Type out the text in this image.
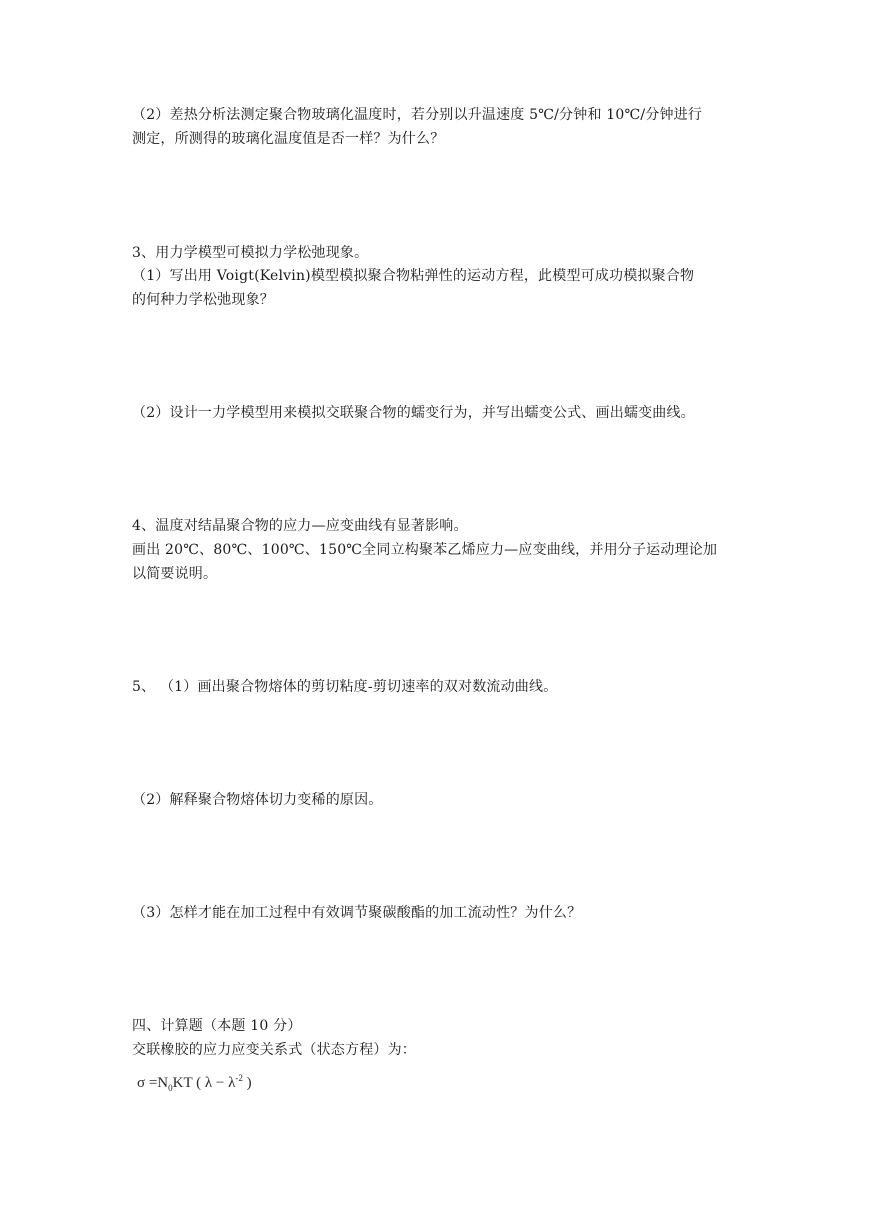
（2）差热分析法测定聚合物玻璃化温度时，若分别以升温速度 5℃/分钟和 10℃/分钟进行
测定，所测得的玻璃化温度值是否一样？为什么？
3、用力学模型可模拟力学松弛现象。
（1）写出用 Voigt(Kelvin)模型模拟聚合物粘弹性的运动方程，此模型可成功模拟聚合物
的何种力学松弛现象？
（2）设计一力学模型用来模拟交联聚合物的蠕变行为，并写出蠕变公式、画出蠕变曲线。
4、温度对结晶聚合物的应力—应变曲线有显著影响。
画出 20℃、80℃、100℃、150℃全同立构聚苯乙烯应力—应变曲线，并用分子运动理论加
以简要说明。
5、 （1）画出聚合物熔体的剪切粘度-剪切速率的双对数流动曲线。
（2）解释聚合物熔体切力变稀的原因。
（3）怎样才能在加工过程中有效调节聚碳酸酯的加工流动性？为什么？
四、计算题（本题 10 分）
交联橡胶的应力应变关系式（状态方程）为：
$\sigma =N_0KT$ ( $\lambda - \lambda^{-2}$ )
